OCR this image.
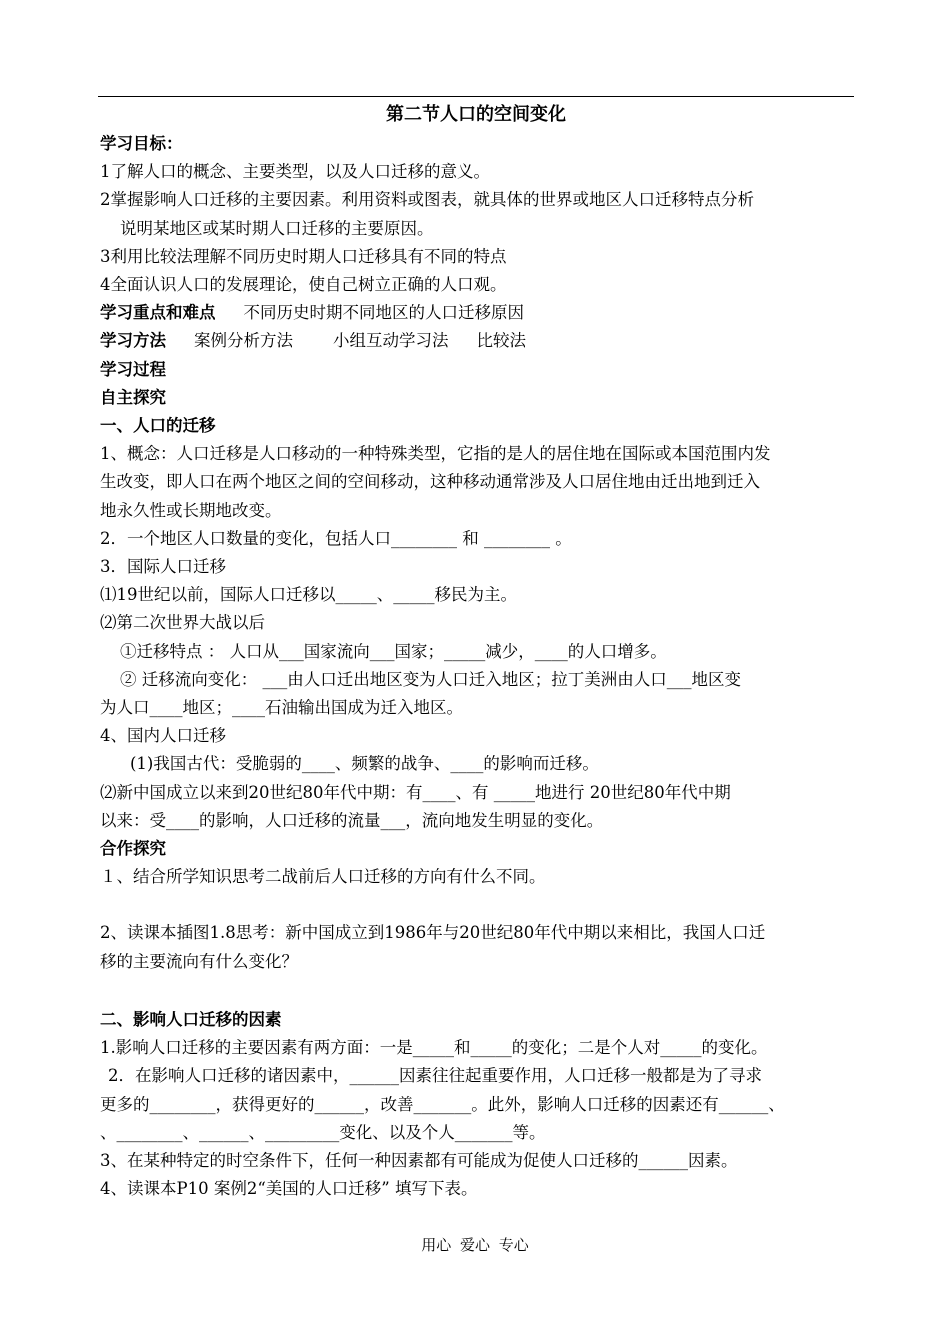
第二节人口的空间变化
学习目标：
1了解人口的概念、主要类型，以及人口迁移的意义。
2掌握影响人口迁移的主要因素。利用资料或图表，就具体的世界或地区人口迁移特点分析
说明某地区或某时期人口迁移的主要原因。
3利用比较法理解不同历史时期人口迁移具有不同的特点
4全面认识人口的发展理论，使自己树立正确的人口观。
学习重点和难点 不同历史时期不同地区的人口迁移原因
学习方法 案例分析方法 小组互动学习法 比较法
学习过程
自主探究
一、人口的迁移
1、概念：人口迁移是人口移动的一种特殊类型，它指的是人的居住地在国际或本国范围内发
生改变，即人口在两个地区之间的空间移动，这种移动通常涉及人口居住地由迁出地到迁入
地永久性或长期地改变。
2．一个地区人口数量的变化，包括人口________ 和 ________ 。
3．国际人口迁移
⑴19世纪以前，国际人口迁移以_____、_____移民为主。
⑵第二次世界大战以后
①迁移特点 ： 人口从___国家流向___国家；_____减少，____的人口增多。
② 迁移流向变化： ___由人口迁出地区变为人口迁入地区；拉丁美洲由人口___地区变
为人口____地区；____石油输出国成为迁入地区。
4、国内人口迁移
(1)我国古代：受脆弱的____、频繁的战争、____的影响而迁移。
⑵新中国成立以来到20世纪80年代中期：有____、有 _____地进行 20世纪80年代中期
以来：受____的影响，人口迁移的流量___，流向地发生明显的变化。
合作探究
１、结合所学知识思考二战前后人口迁移的方向有什么不同。
2、读课本插图1.8思考：新中国成立到1986年与20世纪80年代中期以来相比，我国人口迁
移的主要流向有什么变化？
二、影响人口迁移的因素
1.影响人口迁移的主要因素有两方面：一是_____和_____的变化；二是个人对_____的变化。
2．在影响人口迁移的诸因素中，______因素往往起重要作用，人口迁移一般都是为了寻求
更多的________，获得更好的______，改善_______。此外，影响人口迁移的因素还有______、
、________、______、_________变化、以及个人_______等。
3、在某种特定的时空条件下，任何一种因素都有可能成为促使人口迁移的______因素。
4、读课本P10 案例2“美国的人口迁移” 填写下表。
用心 爱心 专心
